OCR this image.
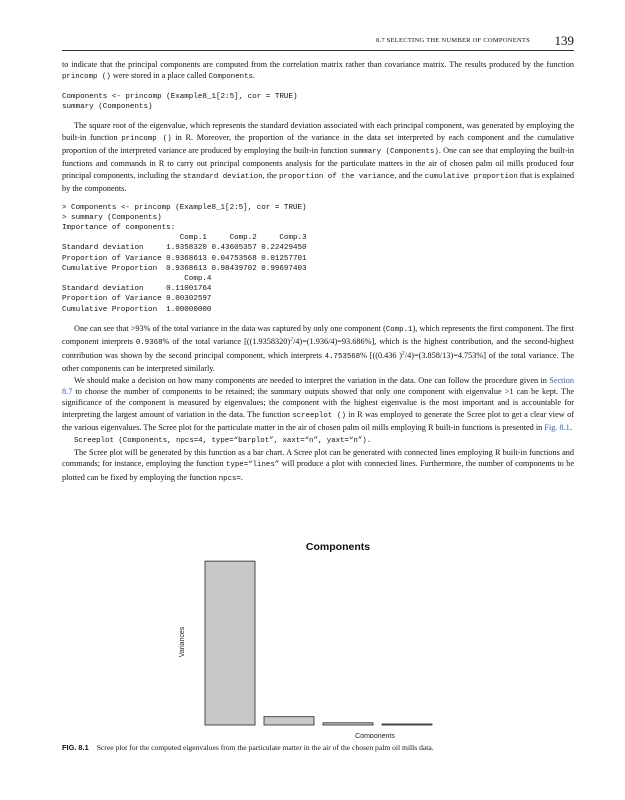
8.7 SELECTING THE NUMBER OF COMPONENTS 139

to indicate that the principal components are computed from the correlation matrix rather than covariance matrix. The results produced by the function princomp () were stored in a place called Components.

Components <- princomp (Example8_1[2:5], cor = TRUE)
summary (Components)

The square root of the eigenvalue, which represents the standard deviation associated with each principal component, was generated by employing the built-in function princomp () in R. Moreover, the proportion of the variance in the data set interpreted by each component and the cumulative proportion of the interpreted variance are produced by employing the built-in function summary (Components). One can see that employing the built-in functions and commands in R to carry out principal components analysis for the particulate matters in the air of chosen palm oil mills produced four principal components, including the standard deviation, the proportion of the variance, and the cumulative proportion that is explained by the components.

> Components <- princomp (Example8_1[2:5], cor = TRUE)
> summary (Components)
Importance of components:
Comp.1     Comp.2     Comp.3
Standard deviation     1.9358320 0.43605357 0.22429450
Proportion of Variance 0.9368613 0.04753568 0.01257701
Cumulative Proportion  0.9368613 0.98439702 0.99697403
Comp.4
Standard deviation     0.11001764
Proportion of Variance 0.00302597
Cumulative Proportion  1.00000000

One can see that >93% of the total variance in the data was captured by only one component (Comp.1), which represents the first component. The first component interprets 0.9368% of the total variance $[((1.9358320)^2/4)=(1.936/4)=93.686\%]$, which is the highest contribution, and the second-highest contribution was shown by the second principal component, which interprets 4.753568% [((0.436 )$^2$/4)=(3.858/13)=4.753%] of the total variance. The other components can be interpreted similarly.

We should make a decision on how many components are needed to interpret the variation in the data. One can follow the procedure given in Section 8.7 to choose the number of components to be retained; the summary outputs showed that only one component with eigenvalue >1 can be kept. The significance of the component is measured by eigenvalues; the component with the highest eigenvalue is the most important and is accountable for interpreting the largest amount of variation in the data. The function screeplot () in R was employed to generate the Scree plot to get a clear view of the various eigenvalues. The Scree plot for the particulate matter in the air of chosen palm oil mills employing R built-in functions is presented in Fig. 8.1.

Screeplot (Components, npcs=4, type=“barplot”, xaxt=“n”, yaxt=“n”).

The Scree plot will be generated by this function as a bar chart. A Scree plot can be generated with connected lines employing R built-in functions and commands; for instance, employing the function type=“lines” will produce a plot with connected lines. Furthermore, the number of components to be plotted can be fixed by employing the function npcs=.

Components
Components
Variances
FIG. 8.1 Scree plot for the computed eigenvalues from the particulate matter in the air of the chosen palm oil mills data.
